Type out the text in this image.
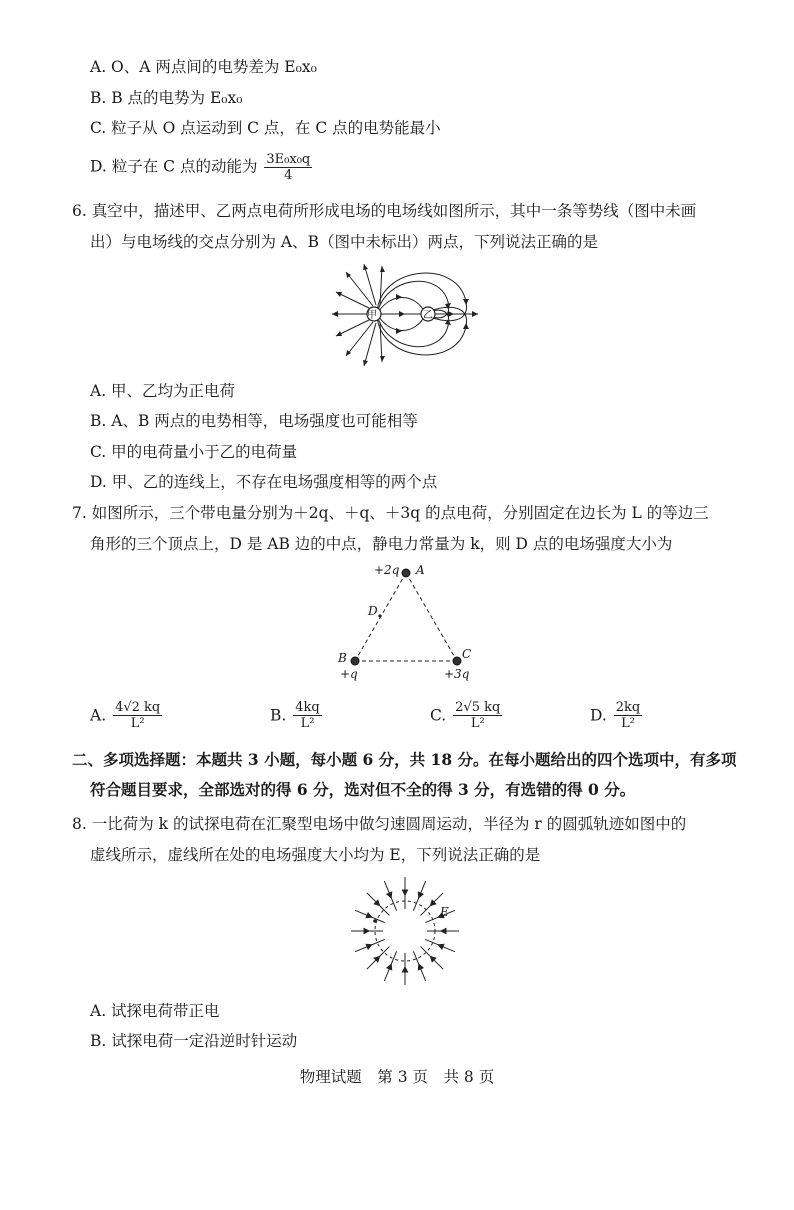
A. O、A 两点间的电势差为 E₀x₀
B. B 点的电势为 E₀x₀
C. 粒子从 O 点运动到 C 点，在 C 点的电势能最小
D. 粒子在 C 点的动能为 $\frac{\text{3E₀x₀q}}{4}$
6. 真空中，描述甲、乙两点电荷所形成电场的电场线如图所示，其中一条等势线（图中未画
出）与电场线的交点分别为 A、B（图中未标出）两点，下列说法正确的是
甲	乙
A. 甲、乙均为正电荷
B. A、B 两点的电势相等，电场强度也可能相等
C. 甲的电荷量小于乙的电荷量
D. 甲、乙的连线上，不存在电场强度相等的两个点
7. 如图所示，三个带电量分别为＋2q、＋q、＋3q 的点电荷，分别固定在边长为 L 的等边三
角形的三个顶点上，D 是 AB 边的中点，静电力常量为 k，则 D 点的电场强度大小为
+2q A
D
B
+q
C
+3q
A. $\frac{4√2 kq}{\text{L²}}$	B. $\frac{4kq}{\text{L²}}$	C. $\frac{2√5 kq}{\text{L²}}$	D. $\frac{2kq}{\text{L²}}$
二、多项选择题：本题共 3 小题，每小题 6 分，共 18 分。在每小题给出的四个选项中，有多项
符合题目要求，全部选对的得 6 分，选对但不全的得 3 分，有选错的得 0 分。
8. 一比荷为 k 的试探电荷在汇聚型电场中做匀速圆周运动，半径为 r 的圆弧轨迹如图中的
虚线所示，虚线所在处的电场强度大小均为 E，下列说法正确的是
E
A. 试探电荷带正电
B. 试探电荷一定沿逆时针运动
物理试题　第 3 页　共 8 页
